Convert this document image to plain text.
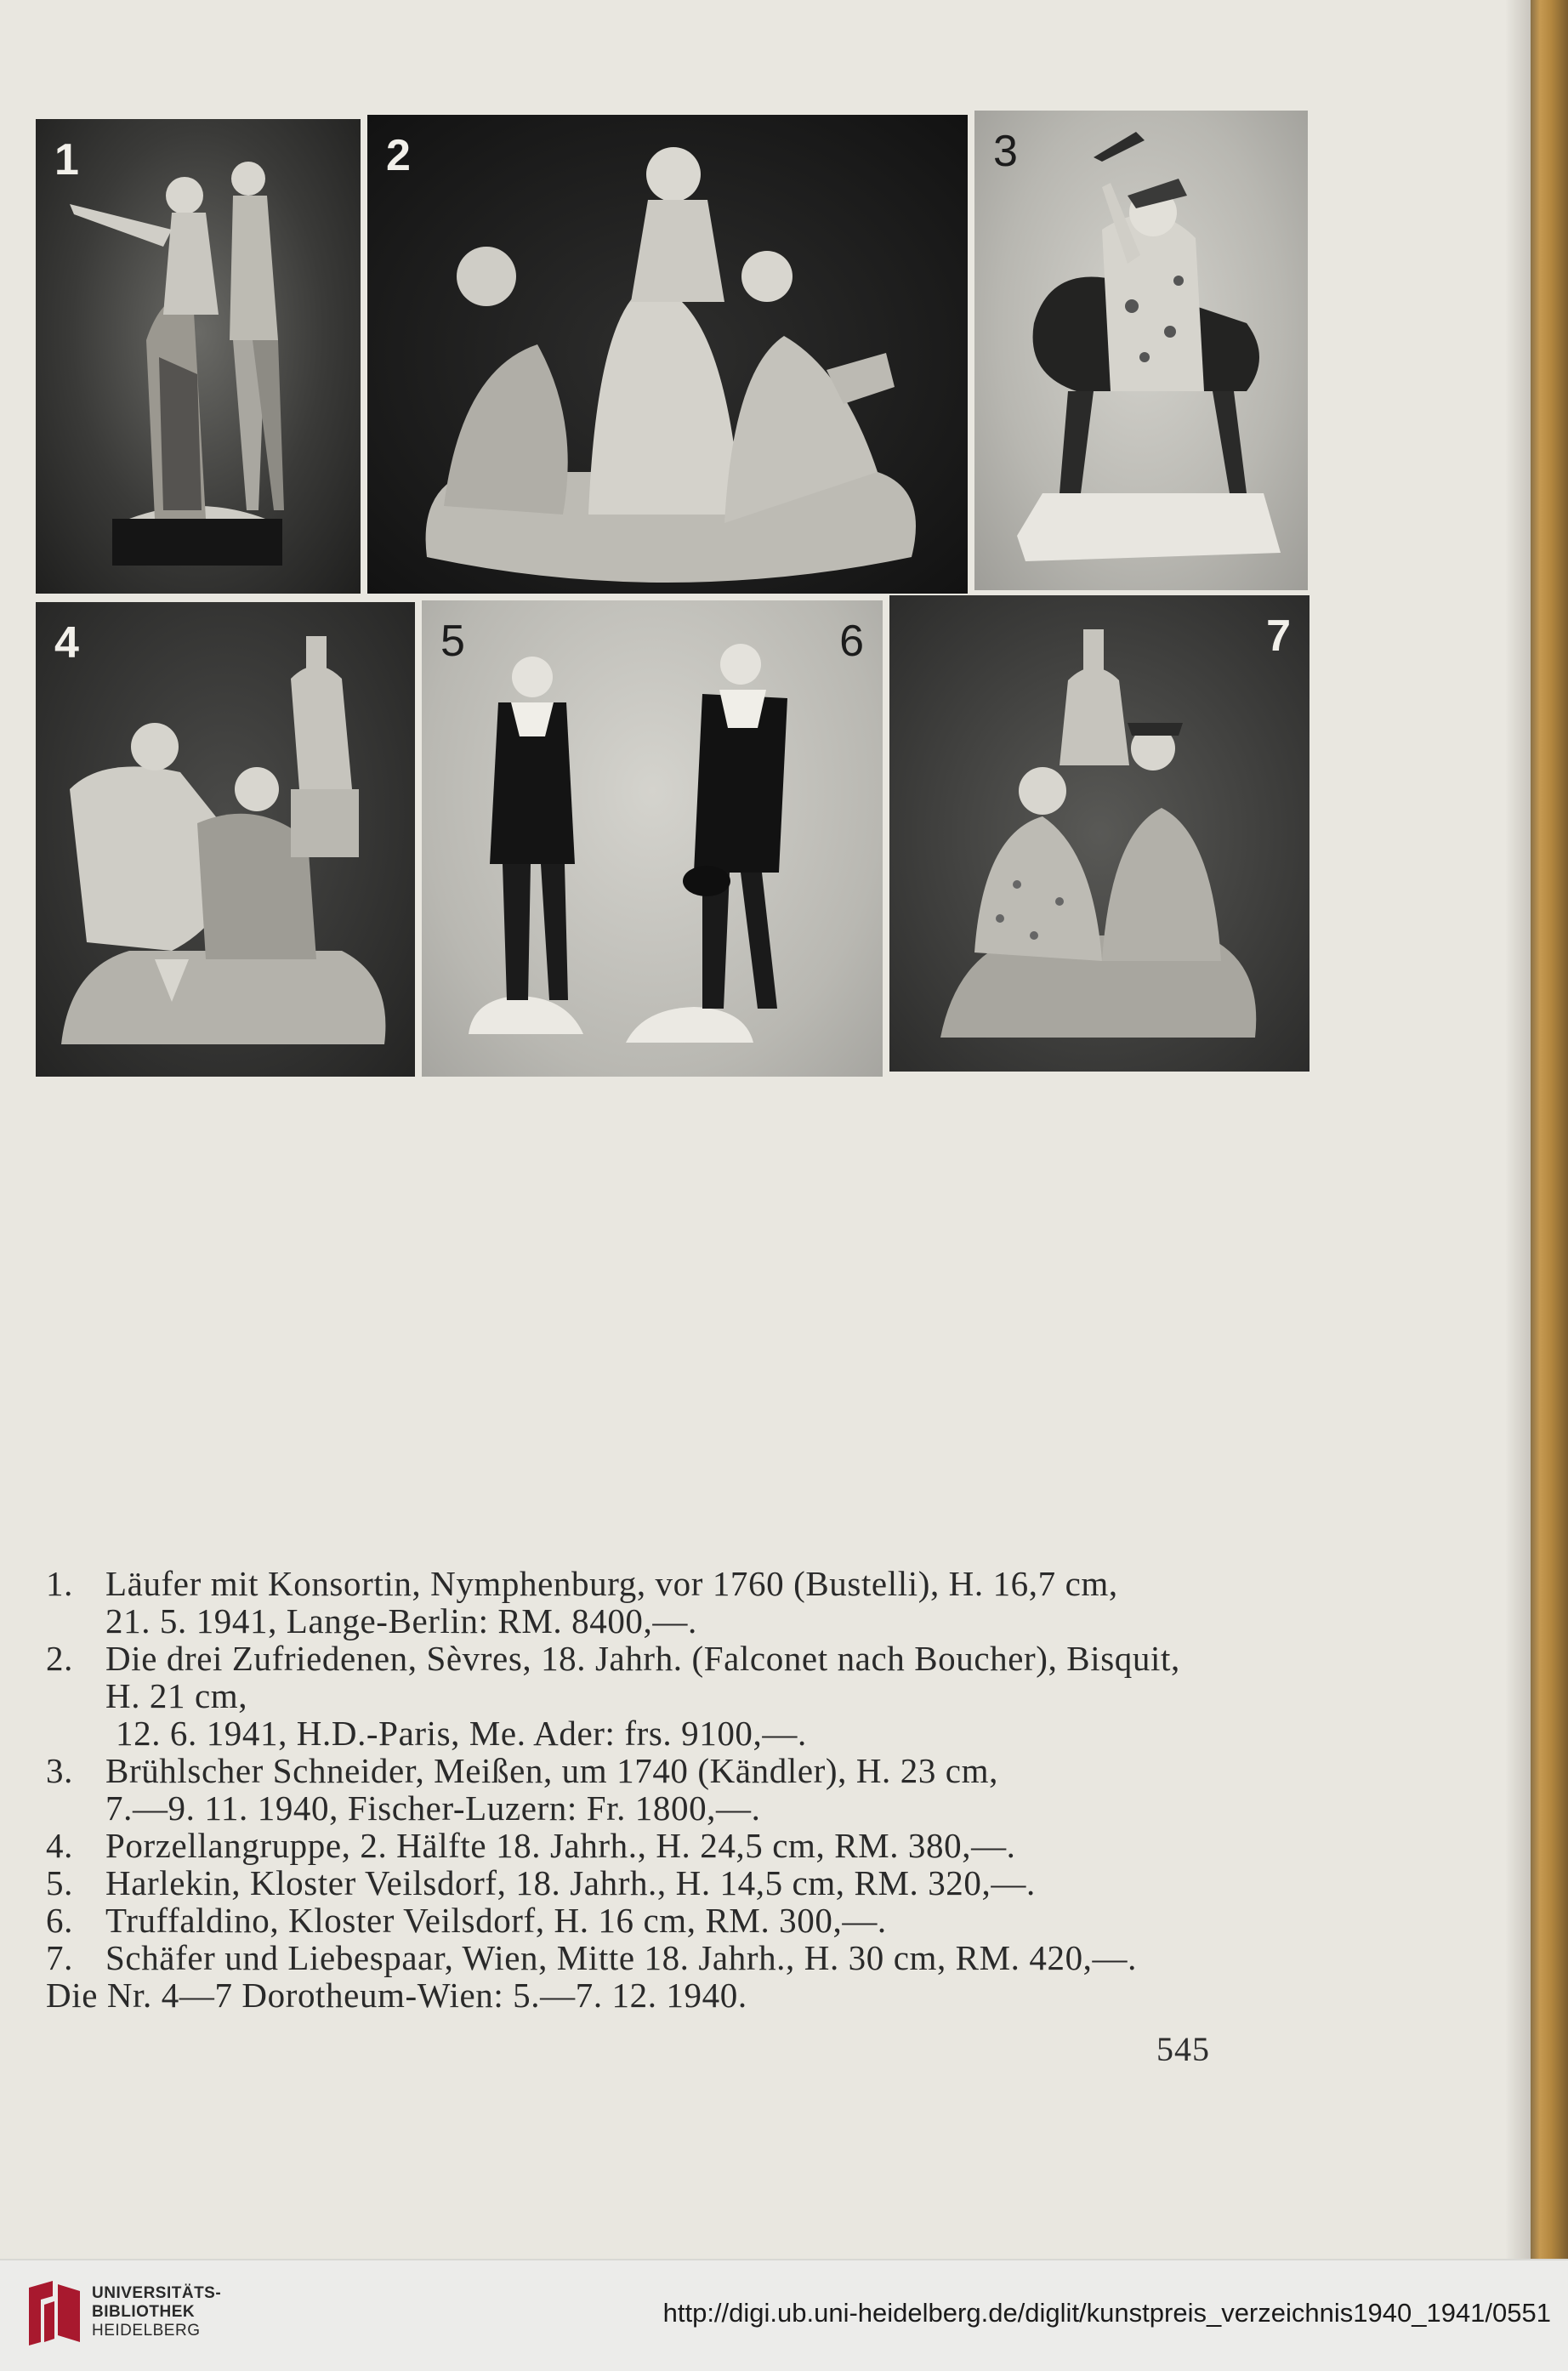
1	2	3
4	5	6	7

1. Läufer mit Konsortin, Nymphenburg, vor 1760 (Bustelli), H. 16,7 cm,
21. 5. 1941, Lange-Berlin: RM. 8400,—.

2. Die drei Zufriedenen, Sèvres, 18. Jahrh. (Falconet nach Boucher), Bisquit,
H. 21 cm,
12. 6. 1941, H.D.-Paris, Me. Ader: frs. 9100,—.

3. Brühlscher Schneider, Meißen, um 1740 (Kändler), H. 23 cm,
7.—9. 11. 1940, Fischer-Luzern: Fr. 1800,—.

4. Porzellangruppe, 2. Hälfte 18. Jahrh., H. 24,5 cm, RM. 380,—.

5. Harlekin, Kloster Veilsdorf, 18. Jahrh., H. 14,5 cm, RM. 320,—.

6. Truffaldino, Kloster Veilsdorf, H. 16 cm, RM. 300,—.

7. Schäfer und Liebespaar, Wien, Mitte 18. Jahrh., H. 30 cm, RM. 420,—.

Die Nr. 4—7 Dorotheum-Wien: 5.—7. 12. 1940.

545
UNIVERSITÄTS-
BIBLIOTHEK
HEIDELBERG
http://digi.ub.uni-heidelberg.de/diglit/kunstpreis_verzeichnis1940_1941/0551
